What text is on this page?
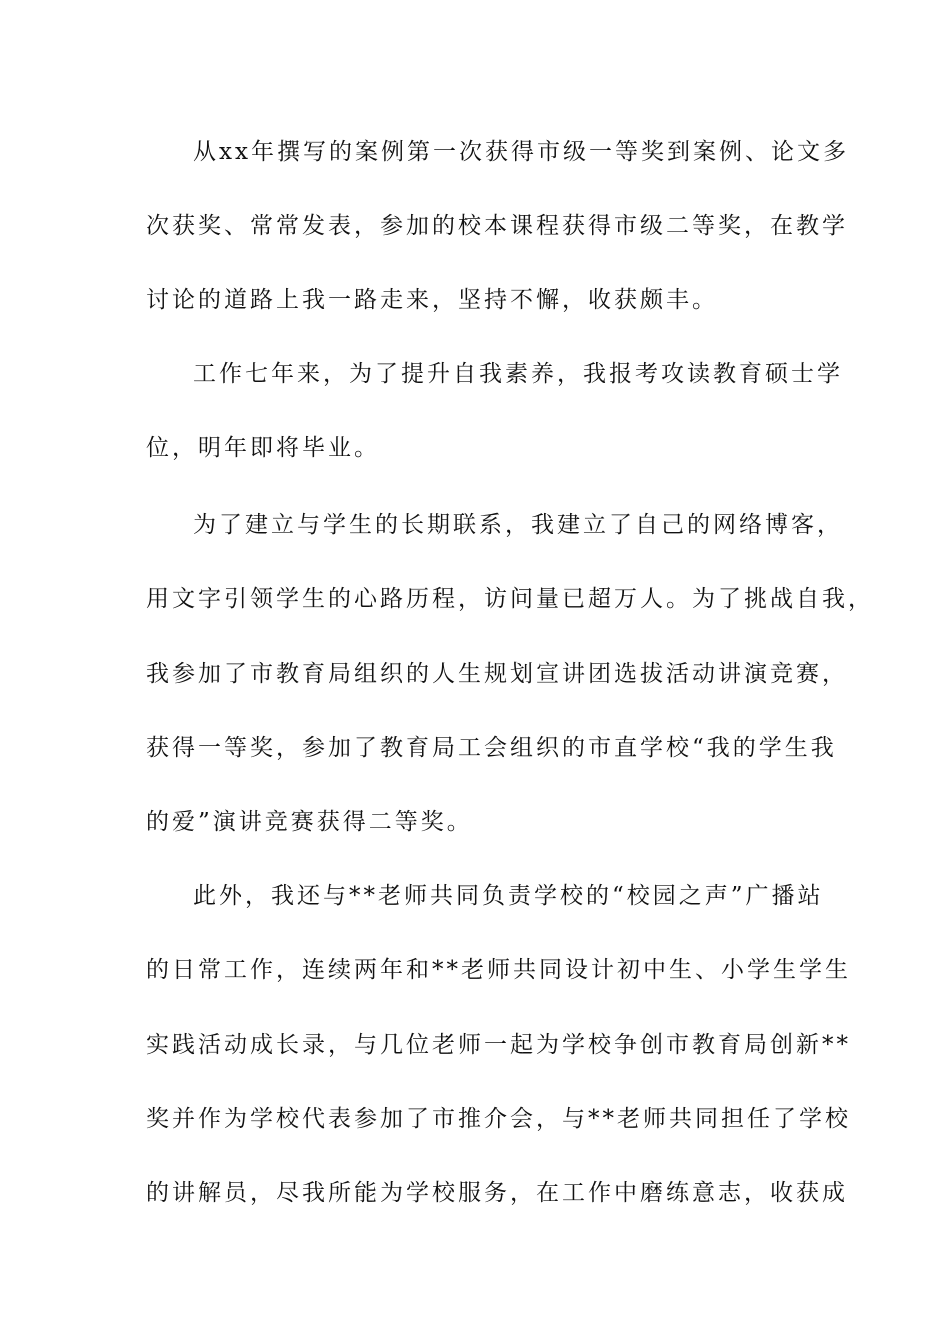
从xx年撰写的案例第一次获得市级一等奖到案例、论文多
次获奖、常常发表，参加的校本课程获得市级二等奖，在教学
讨论的道路上我一路走来，坚持不懈，收获颇丰。
工作七年来，为了提升自我素养，我报考攻读教育硕士学
位，明年即将毕业。
为了建立与学生的长期联系，我建立了自己的网络博客，
用文字引领学生的心路历程，访问量已超万人。为了挑战自我，
我参加了市教育局组织的人生规划宣讲团选拔活动讲演竞赛，
获得一等奖，参加了教育局工会组织的市直学校“我的学生我
的爱”演讲竞赛获得二等奖。
此外，我还与**老师共同负责学校的“校园之声”广播站
的日常工作，连续两年和**老师共同设计初中生、小学生学生
实践活动成长录，与几位老师一起为学校争创市教育局创新**
奖并作为学校代表参加了市推介会，与**老师共同担任了学校
的讲解员，尽我所能为学校服务，在工作中磨练意志，收获成
